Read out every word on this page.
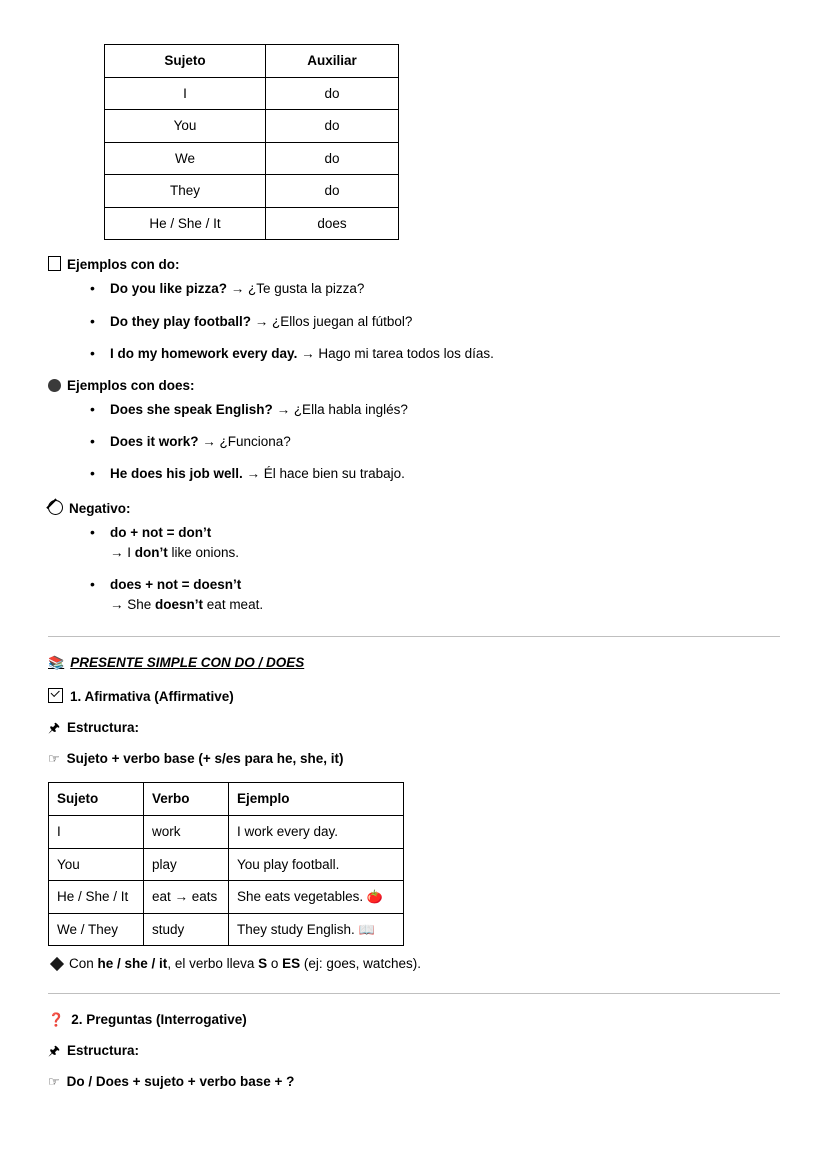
Sujeto	Auxiliar
I	do
You	do
We	do
They	do
He / She / It	does
Ejemplos con do:
• Do you like pizza? → ¿Te gusta la pizza?
• Do they play football? → ¿Ellos juegan al fútbol?
• I do my homework every day. → Hago mi tarea todos los días.
Ejemplos con does:
• Does she speak English? → ¿Ella habla inglés?
• Does it work? → ¿Funciona?
• He does his job well. → Él hace bien su trabajo.
Negativo:
• do + not = don’t
→ I don’t like onions.
• does + not = doesn’t
→ She doesn’t eat meat.
📚 PRESENTE SIMPLE CON DO / DOES
1. Afirmativa (Affirmative)
🖈 Estructura:
☞ Sujeto + verbo base (+ s/es para he, she, it)
Sujeto	Verbo	Ejemplo
I	work	I work every day.
You	play	You play football.
He / She / It	eat → eats	She eats vegetables. 🍅
We / They	study	They study English. 📖
Con he / she / it, el verbo lleva S o ES (ej: goes, watches).
❓ 2. Preguntas (Interrogative)
🖈 Estructura:
☞ Do / Does + sujeto + verbo base + ?
